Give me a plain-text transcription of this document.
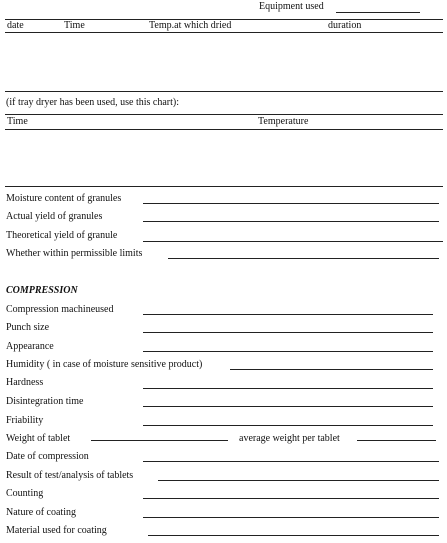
Equipment used
date	Time	Temp.at which dried	duration
(if tray dryer has been used, use this chart):
Time	Temperature
Moisture content of granules
Actual yield of granules
Theoretical yield of granule
Whether within permissible limits
COMPRESSION
Compression machineused
Punch size
Appearance
Humidity ( in case of moisture sensitive product)
Hardness
Disintegration time
Friability
Weight of tablet	average weight per tablet
Date of compression
Result of test/analysis of tablets
Counting
Nature of coating
Material used for coating
